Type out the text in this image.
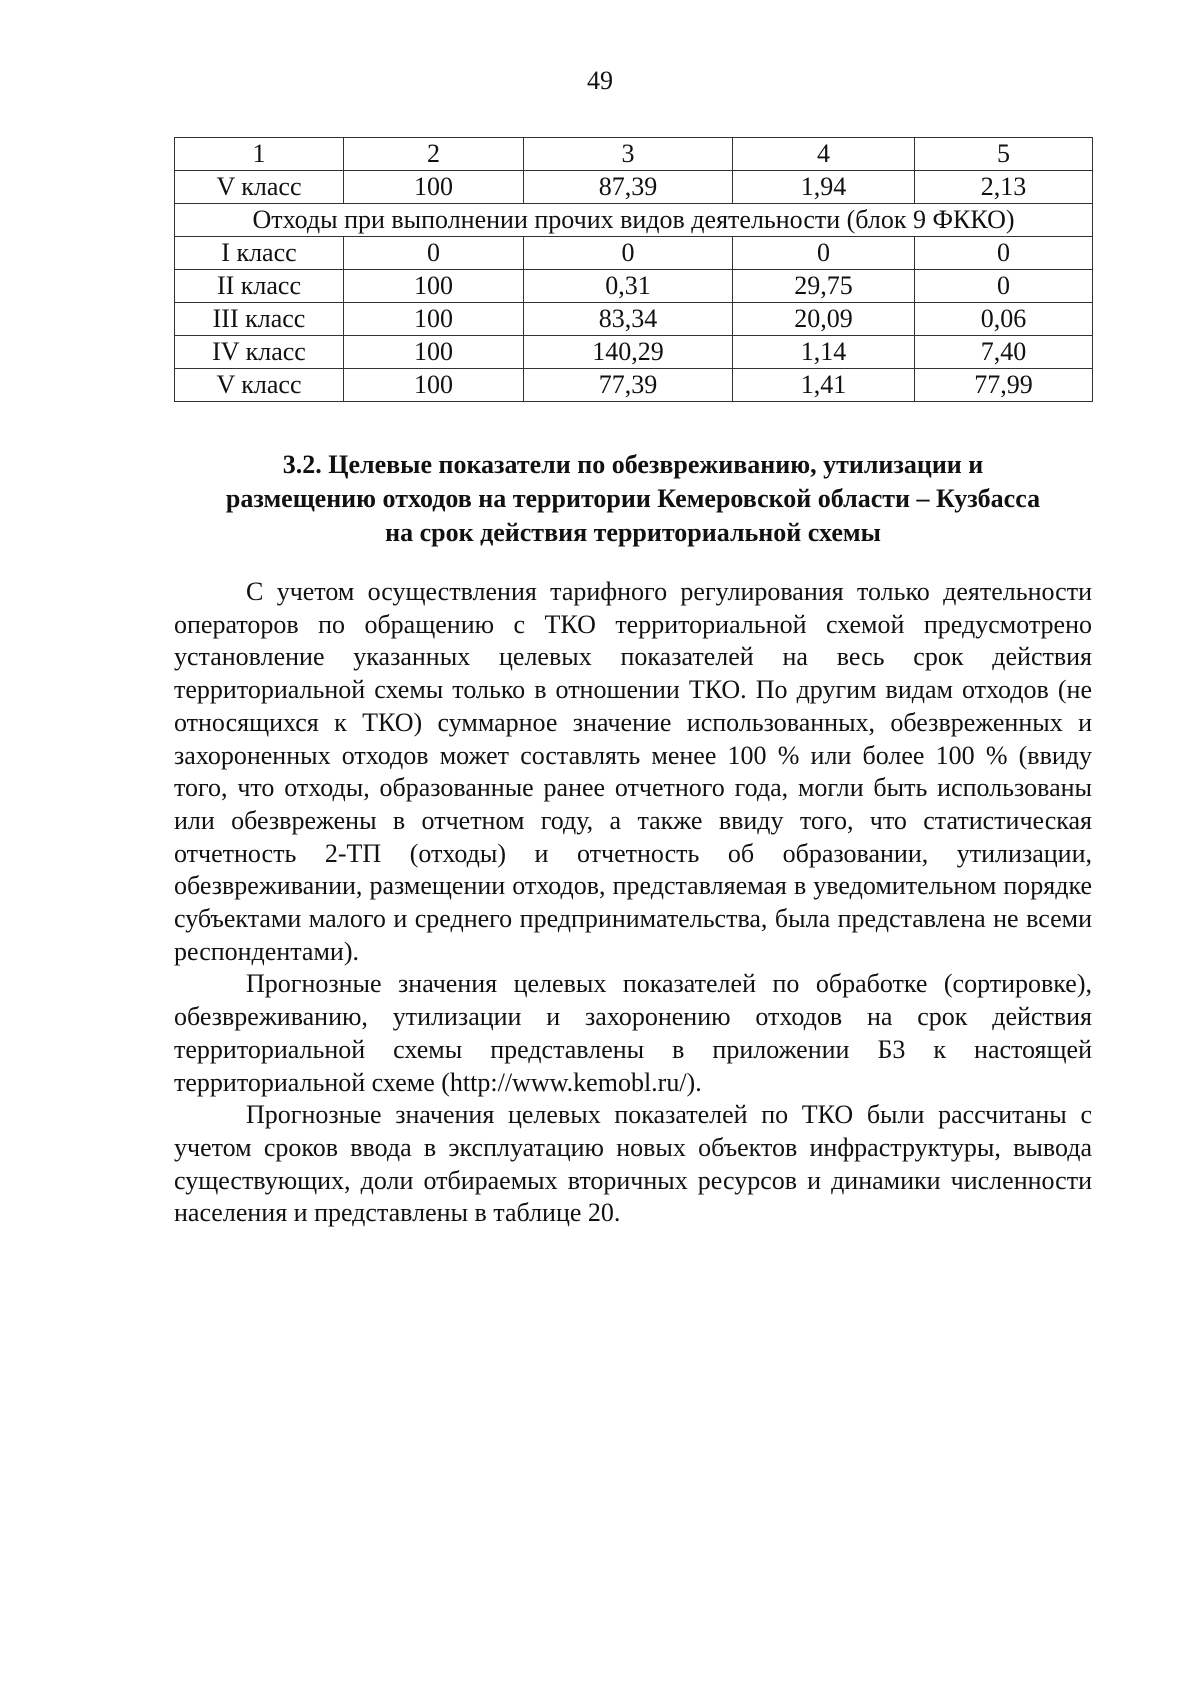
49
1	2	3	4	5
V класс	100	87,39	1,94	2,13
Отходы при выполнении прочих видов деятельности (блок 9 ФККО)				
I класс	0	0	0	0
II класс	100	0,31	29,75	0
III класс	100	83,34	20,09	0,06
IV класс	100	140,29	1,14	7,40
V класс	100	77,39	1,41	77,99
3.2. Целевые показатели по обезвреживанию, утилизации и
размещению отходов на территории Кемеровской области – Кузбасса
на срок действия территориальной схемы

С учетом осуществления тарифного регулирования только деятельности операторов по обращению с ТКО территориальной схемой предусмотрено установление указанных целевых показателей на весь срок действия территориальной схемы только в отношении ТКО. По другим видам отходов (не относящихся к ТКО) суммарное значение использованных, обезвреженных и захороненных отходов может составлять менее 100 % или более 100 % (ввиду того, что отходы, образованные ранее отчетного года, могли быть использованы или обезврежены в отчетном году, а также ввиду того, что статистическая отчетность 2-ТП (отходы) и отчетность об образовании, утилизации, обезвреживании, размещении отходов, представляемая в уведомительном порядке субъектами малого и среднего предпринимательства, была представлена не всеми респондентами).

Прогнозные значения целевых показателей по обработке (сортировке), обезвреживанию, утилизации и захоронению отходов на срок действия территориальной схемы представлены в приложении Б3 к настоящей территориальной схеме (http://www.kemobl.ru/).

Прогнозные значения целевых показателей по ТКО были рассчитаны с учетом сроков ввода в эксплуатацию новых объектов инфраструктуры, вывода существующих, доли отбираемых вторичных ресурсов и динамики численности населения и представлены в таблице 20.
